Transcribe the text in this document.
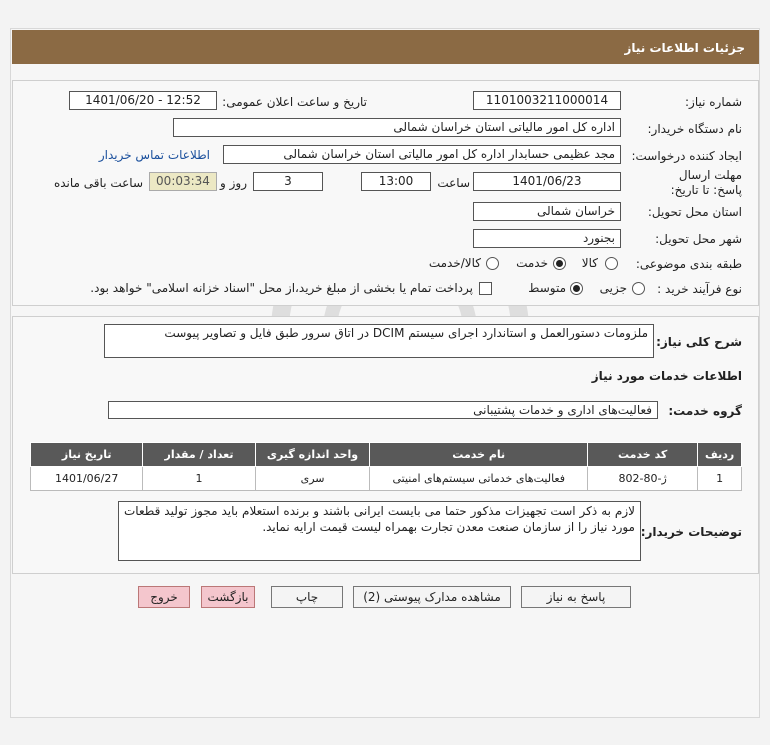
جزئیات اطلاعات نیاز
شماره نیاز:
1101003211000014
تاریخ و ساعت اعلان عمومی:
1401/06/20 - 12:52
نام دستگاه خریدار:
اداره کل امور مالیاتی استان خراسان شمالی
ایجاد کننده درخواست:
مجد عظیمی حسابدار اداره کل امور مالیاتی استان خراسان شمالی
اطلاعات تماس خریدار
مهلت ارسال پاسخ: تا تاریخ:
1401/06/23
ساعت
13:00
3
روز و
00:03:34
ساعت باقی مانده
استان محل تحویل:
خراسان شمالی
شهر محل تحویل:
بجنورد
طبقه بندی موضوعی:
کالا
خدمت
کالا/خدمت
نوع فرآیند خرید :
جزیی
متوسط
پرداخت تمام یا بخشی از مبلغ خرید،از محل "اسناد خزانه اسلامی" خواهد بود.
شرح کلی نیاز:
ملزومات دستورالعمل و استاندارد اجرای سیستم DCIM در اتاق سرور طبق فایل و تصاویر پیوست
اطلاعات خدمات مورد نیاز
گروه خدمت:
فعالیت‌های اداری و خدمات پشتیبانی
ردیف	کد خدمت	نام خدمت	واحد اندازه گیری	تعداد / مقدار	تاریخ نیاز
1	ژ-80-802	فعالیت‌های خدماتی سیستم‌های امنیتی	سری	1	1401/06/27
توضیحات خریدار:
لازم به ذکر است تجهیزات مذکور حتما می بایست ایرانی باشند و برنده استعلام باید مجوز تولید قطعات مورد نیاز را از سازمان صنعت معدن تجارت بهمراه لیست قیمت ارایه نماید.
پاسخ به نیاز
مشاهده مدارک پیوستی (2)
چاپ
بازگشت
خروج
